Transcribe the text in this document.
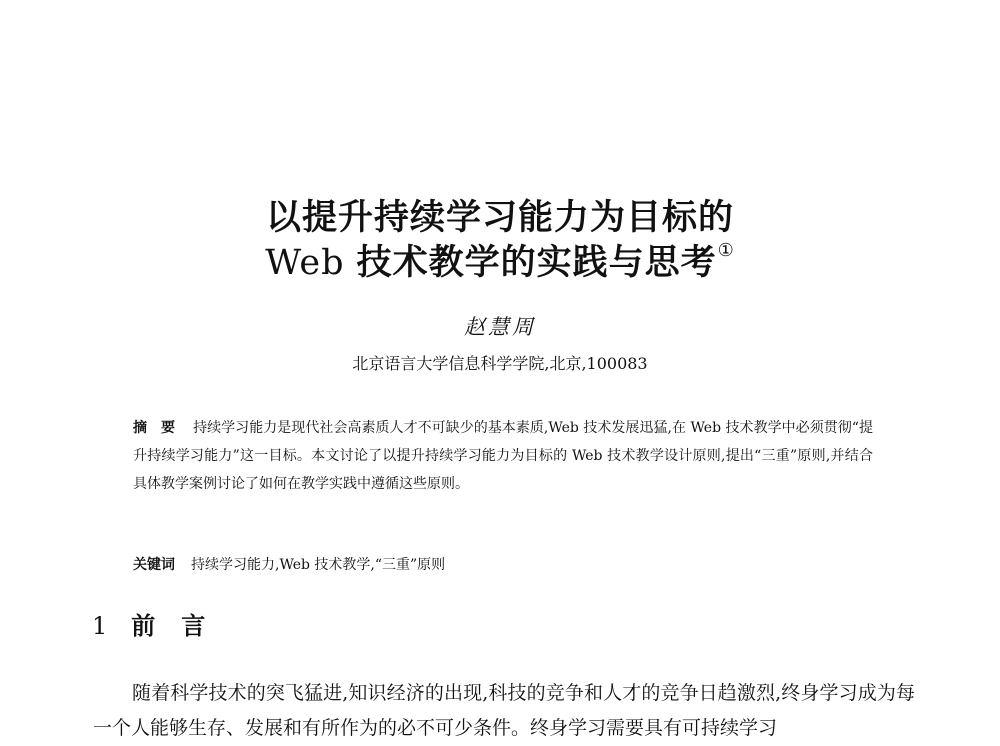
以提升持续学习能力为目标的
Web 技术教学的实践与思考①
赵慧周
北京语言大学信息科学学院,北京,100083
摘要 持续学习能力是现代社会高素质人才不可缺少的基本素质,Web 技术发展迅猛,在 Web 技术教学中必须贯彻“提升持续学习能力”这一目标。本文讨论了以提升持续学习能力为目标的 Web 技术教学设计原则,提出“三重”原则,并结合具体教学案例讨论了如何在教学实践中遵循这些原则。
关键词 持续学习能力,Web 技术教学,“三重”原则
1 前言

随着科学技术的突飞猛进,知识经济的出现,科技的竞争和人才的竞争日趋激烈,终身学习成为每一个人能够生存、发展和有所作为的必不可少条件。终身学习需要具有可持续学习
